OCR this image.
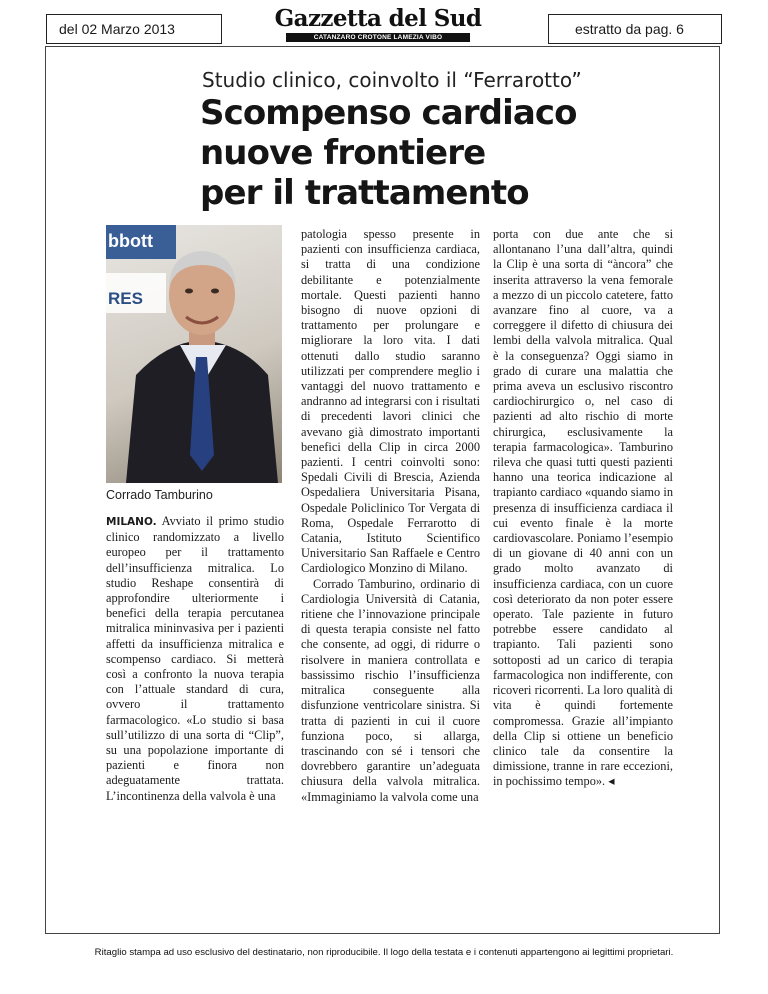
del 02 Marzo 2013	Gazzetta del Sud
CATANZARO CROTONE LAMEZIA VIBO
estratto da pag. 6
Studio clinico, coinvolto il “Ferrarotto”
Scompenso cardiaco
nuove frontiere
per il trattamento
bbott
RES
Corrado Tamburino

MILANO. Avviato il primo studio clinico randomizzato a livello europeo per il trattamento dell’insufficienza mitralica. Lo studio Reshape consentirà di approfondire ulteriormente i benefici della terapia percutanea mitralica mininvasiva per i pazienti affetti da insufficienza mitralica e scompenso cardiaco. Si metterà così a confronto la nuova terapia con l’attuale standard di cura, ovvero il trattamento farmacologico. «Lo studio si basa sull’utilizzo di una sorta di “Clip”, su una popolazione importante di pazienti e finora non adeguatamente trattata. L’incontinenza della valvola è una

patologia spesso presente in pazienti con insufficienza cardiaca, si tratta di una condizione debilitante e potenzialmente mortale. Questi pazienti hanno bisogno di nuove opzioni di trattamento per prolungare e migliorare la loro vita. I dati ottenuti dallo studio saranno utilizzati per comprendere meglio i vantaggi del nuovo trattamento e andranno ad integrarsi con i risultati di precedenti lavori clinici che avevano già dimostrato importanti benefici della Clip in circa 2000 pazienti. I centri coinvolti sono: Spedali Civili di Brescia, Azienda Ospedaliera Universitaria Pisana, Ospedale Policlinico Tor Vergata di Roma, Ospedale Ferrarotto di Catania, Istituto Scientifico Universitario San Raffaele e Centro Cardiologico Monzino di Milano.

Corrado Tamburino, ordinario di Cardiologia Università di Catania, ritiene che l’innovazione principale di questa terapia consiste nel fatto che consente, ad oggi, di ridurre o risolvere in maniera controllata e bassissimo rischio l’insufficienza mitralica conseguente alla disfunzione ventricolare sinistra. Si tratta di pazienti in cui il cuore funziona poco, si allarga, trascinando con sé i tensori che dovrebbero garantire un’adeguata chiusura della valvola mitralica. «Immaginiamo la valvola come una

porta con due ante che si allontanano l’una dall’altra, quindi la Clip è una sorta di “àncora” che inserita attraverso la vena femorale a mezzo di un piccolo catetere, fatto avanzare fino al cuore, va a correggere il difetto di chiusura dei lembi della valvola mitralica. Qual è la conseguenza? Oggi siamo in grado di curare una malattia che prima aveva un esclusivo riscontro cardiochirurgico o, nel caso di pazienti ad alto rischio di morte chirurgica, esclusivamente la terapia farmacologica». Tamburino rileva che quasi tutti questi pazienti hanno una teorica indicazione al trapianto cardiaco «quando siamo in presenza di insufficienza cardiaca il cui evento finale è la morte cardiovascolare. Poniamo l’esempio di un giovane di 40 anni con un grado molto avanzato di insufficienza cardiaca, con un cuore così deteriorato da non poter essere operato. Tale paziente in futuro potrebbe essere candidato al trapianto. Tali pazienti sono sottoposti ad un carico di terapia farmacologica non indifferente, con ricoveri ricorrenti. La loro qualità di vita è quindi fortemente compromessa. Grazie all’impianto della Clip si ottiene un beneficio clinico tale da consentire la dimissione, tranne in rare eccezioni, in pochissimo tempo». ◂

Ritaglio stampa ad uso esclusivo del destinatario, non riproducibile. Il logo della testata e i contenuti appartengono ai legittimi proprietari.
